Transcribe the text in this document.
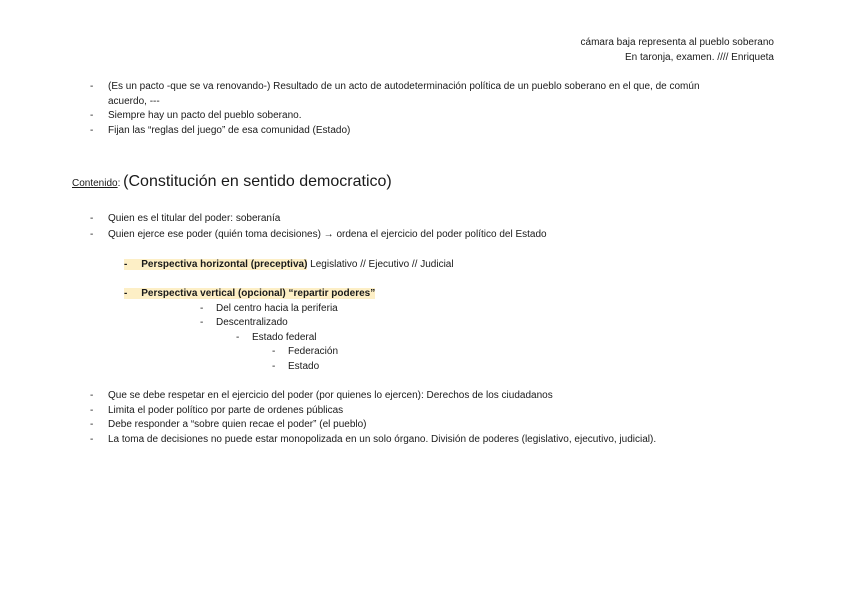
cámara baja representa al pueblo soberano
En taronja, examen. //// Enriqueta
- (Es un pacto -que se va renovando-) Resultado de un acto de autodeterminación política de un pueblo soberano en el que, de común
acuerdo, ---
- Siempre hay un pacto del pueblo soberano.
- Fijan las “reglas del juego” de esa comunidad (Estado)
Contenido: (Constitución en sentido democratico)
- Quien es el titular del poder: soberanía
- Quien ejerce ese poder (quién toma decisiones) → ordena el ejercicio del poder político del Estado
-     Perspectiva horizontal (preceptiva) Legislativo // Ejecutivo // Judicial
-     Perspectiva vertical (opcional) “repartir poderes”
- Del centro hacia la periferia
- Descentralizado
- Estado federal
- Federación
- Estado
- Que se debe respetar en el ejercicio del poder (por quienes lo ejercen): Derechos de los ciudadanos
- Limita el poder político por parte de ordenes públicas
- Debe responder a “sobre quien recae el poder” (el pueblo)
- La toma de decisiones no puede estar monopolizada en un solo órgano. División de poderes (legislativo, ejecutivo, judicial).
